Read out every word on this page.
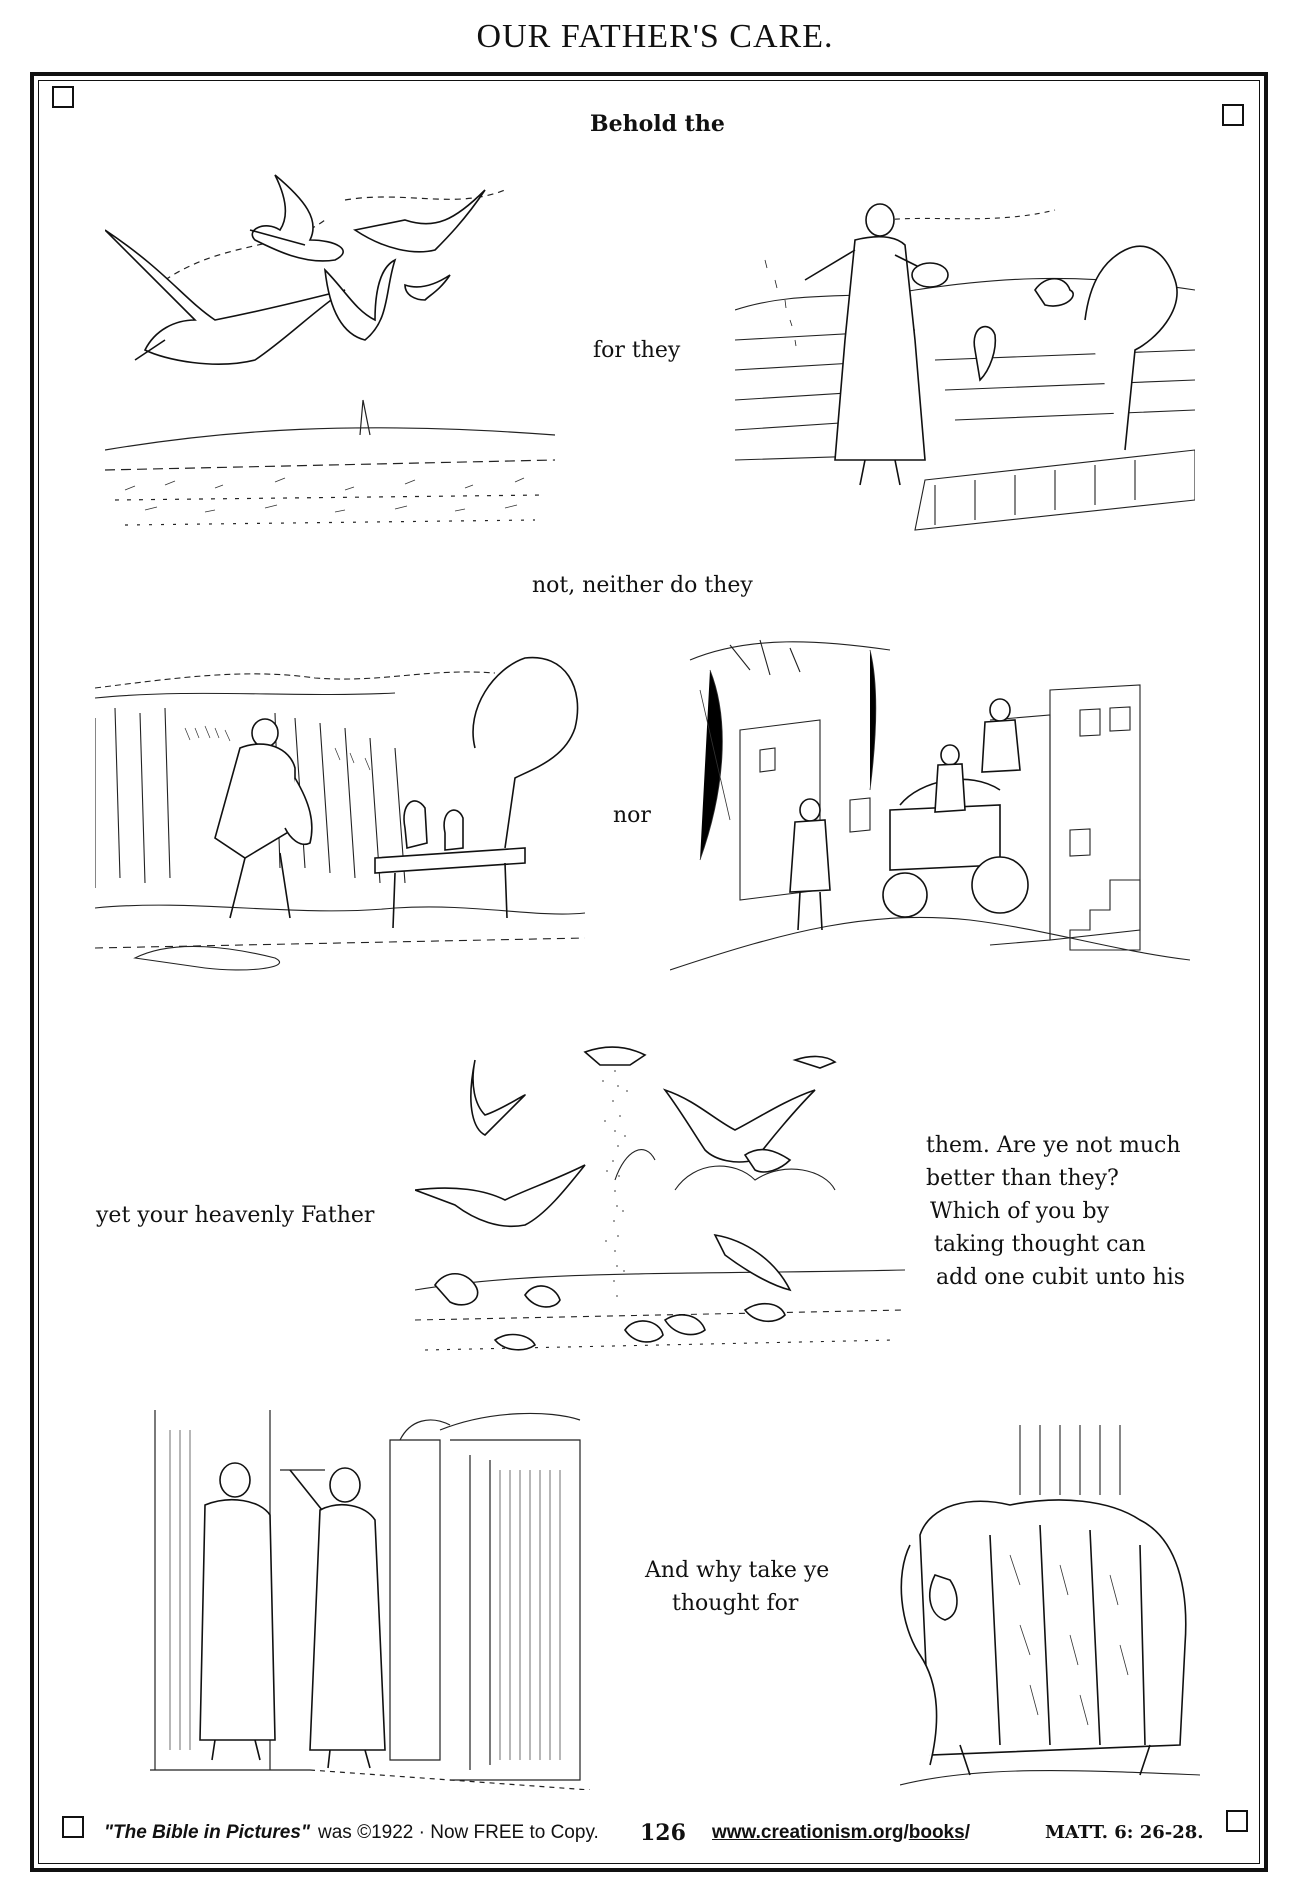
OUR FATHER'S CARE.
Behold the
for they
not, neither do they
nor
yet your heavenly Father
them. Are ye not much
better than they?
Which of you by
taking thought can
add one cubit unto his
And why take ye
thought for
"The Bible in Pictures" was ©1922 · Now FREE to Copy. 126 www.creationism.org/books/	MATT. 6: 26-28.
